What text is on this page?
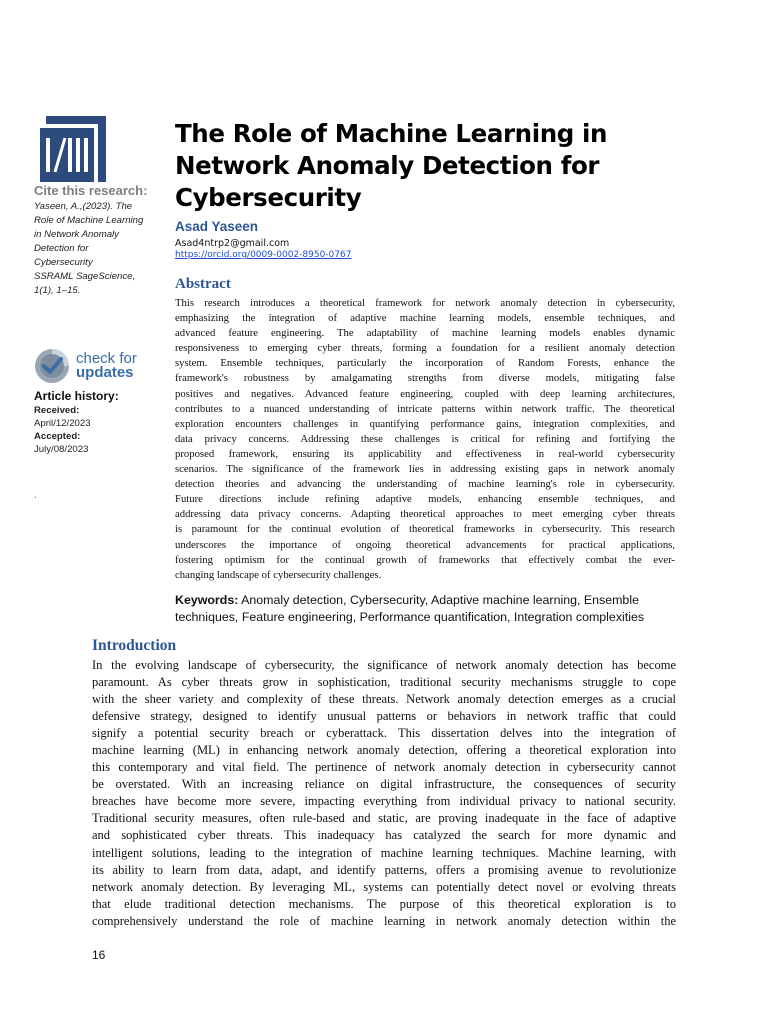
Cite this research:
Yaseen, A.,(2023). The
Role of Machine Learning
in Network Anomaly
Detection for
Cybersecurity
SSRAML SageScience,
1(1), 1–15.
check for
updates
Article history:
Received:
April/12/2023
Accepted:
July/08/2023
.
The Role of Machine Learning in
Network Anomaly Detection for
Cybersecurity
Asad Yaseen
Asad4ntrp2@gmail.com
https://orcid.org/0009-0002-8950-0767
Abstract
This research introduces a theoretical framework for network anomaly detection in cybersecurity,
emphasizing the integration of adaptive machine learning models, ensemble techniques, and
advanced feature engineering. The adaptability of machine learning models enables dynamic
responsiveness to emerging cyber threats, forming a foundation for a resilient anomaly detection
system. Ensemble techniques, particularly the incorporation of Random Forests, enhance the
framework's robustness by amalgamating strengths from diverse models, mitigating false
positives and negatives. Advanced feature engineering, coupled with deep learning architectures,
contributes to a nuanced understanding of intricate patterns within network traffic. The theoretical
exploration encounters challenges in quantifying performance gains, integration complexities, and
data privacy concerns. Addressing these challenges is critical for refining and fortifying the
proposed framework, ensuring its applicability and effectiveness in real-world cybersecurity
scenarios. The significance of the framework lies in addressing existing gaps in network anomaly
detection theories and advancing the understanding of machine learning's role in cybersecurity.
Future directions include refining adaptive models, enhancing ensemble techniques, and
addressing data privacy concerns. Adapting theoretical approaches to meet emerging cyber threats
is paramount for the continual evolution of theoretical frameworks in cybersecurity. This research
underscores the importance of ongoing theoretical advancements for practical applications,
fostering optimism for the continual growth of frameworks that effectively combat the ever-
changing landscape of cybersecurity challenges.
Keywords: Anomaly detection, Cybersecurity, Adaptive machine learning, Ensemble
techniques, Feature engineering, Performance quantification, Integration complexities
Introduction
In the evolving landscape of cybersecurity, the significance of network anomaly detection has become
paramount. As cyber threats grow in sophistication, traditional security mechanisms struggle to cope
with the sheer variety and complexity of these threats. Network anomaly detection emerges as a crucial
defensive strategy, designed to identify unusual patterns or behaviors in network traffic that could
signify a potential security breach or cyberattack. This dissertation delves into the integration of
machine learning (ML) in enhancing network anomaly detection, offering a theoretical exploration into
this contemporary and vital field. The pertinence of network anomaly detection in cybersecurity cannot
be overstated. With an increasing reliance on digital infrastructure, the consequences of security
breaches have become more severe, impacting everything from individual privacy to national security.
Traditional security measures, often rule-based and static, are proving inadequate in the face of adaptive
and sophisticated cyber threats. This inadequacy has catalyzed the search for more dynamic and
intelligent solutions, leading to the integration of machine learning techniques. Machine learning, with
its ability to learn from data, adapt, and identify patterns, offers a promising avenue to revolutionize
network anomaly detection. By leveraging ML, systems can potentially detect novel or evolving threats
that elude traditional detection mechanisms. The purpose of this theoretical exploration is to
comprehensively understand the role of machine learning in network anomaly detection within the
16
